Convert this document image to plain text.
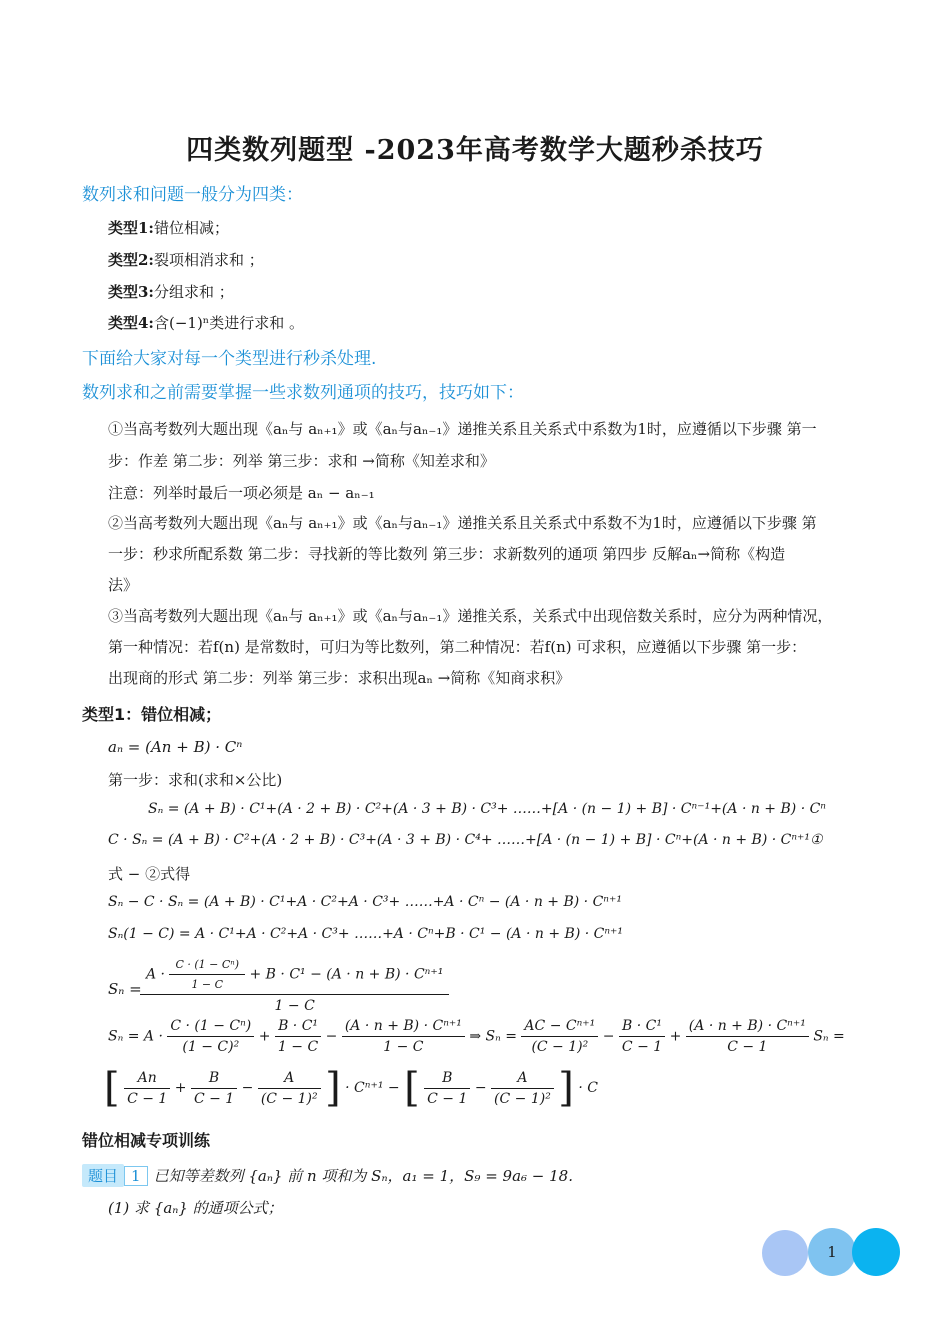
四类数列题型 -2023年高考数学大题秒杀技巧
数列求和问题一般分为四类：
类型1:错位相减；
类型2:裂项相消求和 ；
类型3:分组求和 ；
类型4:含(−1)ⁿ类进行求和 。
下面给大家对每一个类型进行秒杀处理.
数列求和之前需要掌握一些求数列通项的技巧，技巧如下：
①当高考数列大题出现《aₙ与 aₙ₊₁》或《aₙ与aₙ₋₁》递推关系且关系式中系数为1时，应遵循以下步骤 第一
步：作差 第二步：列举 第三步：求和 →简称《知差求和》
注意：列举时最后一项必须是 aₙ − aₙ₋₁
②当高考数列大题出现《aₙ与 aₙ₊₁》或《aₙ与aₙ₋₁》递推关系且关系式中系数不为1时，应遵循以下步骤 第
一步：秒求所配系数 第二步：寻找新的等比数列 第三步：求新数列的通项 第四步 反解aₙ→简称《构造
法》
③当高考数列大题出现《aₙ与 aₙ₊₁》或《aₙ与aₙ₋₁》递推关系，关系式中出现倍数关系时，应分为两种情况，
第一种情况：若f(n) 是常数时，可归为等比数列，第二种情况：若f(n) 可求积，应遵循以下步骤 第一步：
出现商的形式 第二步：列举 第三步：求积出现aₙ →简称《知商求积》
类型1：错位相减；
aₙ = (An + B) · Cⁿ
第一步：求和(求和×公比)
Sₙ = (A + B) · C¹+(A · 2 + B) · C²+(A · 3 + B) · C³+ ……+[A · (n − 1) + B] · Cⁿ⁻¹+(A · n + B) · Cⁿ
C · Sₙ = (A + B) · C²+(A · 2 + B) · C³+(A · 3 + B) · C⁴+ ……+[A · (n − 1) + B] · Cⁿ+(A · n + B) · Cⁿ⁺¹①
式 − ②式得
Sₙ − C · Sₙ = (A + B) · C¹+A · C²+A · C³+ ……+A · Cⁿ − (A · n + B) · Cⁿ⁺¹
Sₙ(1 − C) = A · C¹+A · C²+A · C³+ ……+A · Cⁿ+B · C¹ − (A · n + B) · Cⁿ⁺¹
Sₙ =
$A \cdot \frac{\text{C · (1 − Cⁿ)}}{1 - C} + B \cdot C^1 - (A \cdot n + B) \cdot C^{n+1}$
1 − C
$S_n = A \cdot \frac{\text{C · (1 − Cⁿ)}}{\text{(1 − C)²}} + \frac{\text{B · C¹}}{1 - C} - \frac{\text{(A · n + B) · Cⁿ⁺¹}}{1 - C}$ ⇒ $S_n = \frac{\text{AC − Cⁿ⁺¹}}{\text{(C − 1)²}} - \frac{\text{B · C¹}}{C - 1} + \frac{\text{(A · n + B) · Cⁿ⁺¹}}{C - 1}$ Sₙ =
[ $\frac{An}{C - 1} + \frac{B}{C - 1} - \frac{A}{\text{(C − 1)²}}$ ] · Cⁿ⁺¹ − [ $\frac{B}{C - 1} - \frac{A}{\text{(C − 1)²}}$ ] · C
错位相减专项训练
题目 1 已知等差数列 {aₙ} 前 n 项和为 Sₙ，a₁ = 1，S₉ = 9a₆ − 18.
(1) 求 {aₙ} 的通项公式；
1
